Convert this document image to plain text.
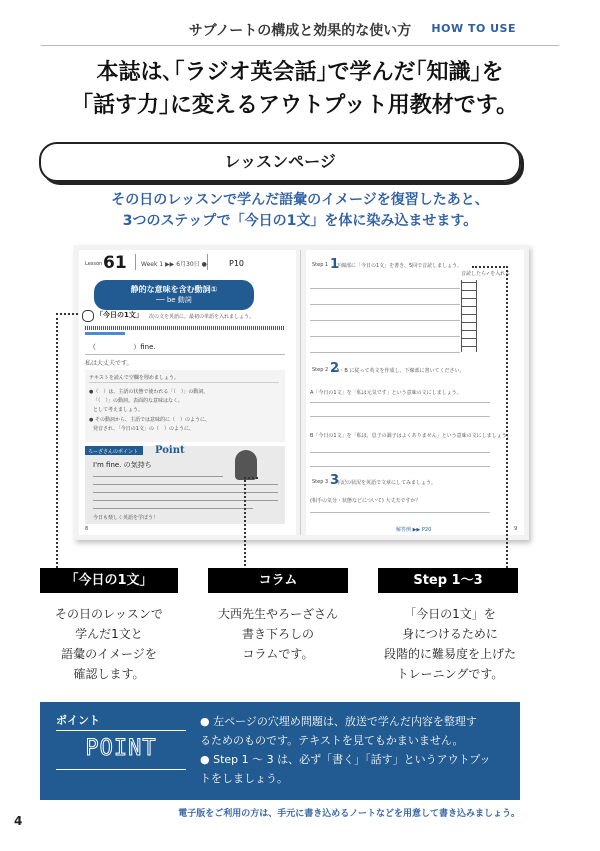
サブノートの構成と効果的な使い方	HOW TO USE
本誌は､｢ラジオ英会話｣で学んだ｢知識｣を
｢話す力｣に変えるアウトプット用教材です。
レッスンページ
その日のレッスンで学んだ語彙のイメージを復習したあと、
3つのステップで「今日の1文」を体に染み込ませます。
Lesson 61 Week 1 ▶▶ 6月30日 ●	P10
静的な意味を含む動詞①
── be 動詞
「今日の1文」 次の文を英語に。最初の単語を入れましょう。
（ 　　　　　）fine.
私は大丈夫です。
テキストを読んで空欄を埋めましょう。
●（　）は、主語の状態で使われる「（　）」の動詞。
「（　）」の動詞。表面的な意味はなく、
として考えましょう。
● その動詞から、主語では意味的に（　）のように、
発音され、「今日の1文」の（　）のように、
ろーざさんのポイント Point
I'm fine. の気持ち
今日も楽しく英語を学ぼう！
8
Step 1 下線部に「今日の1文」を書き、5回で音読しましょう。
音読したら✓を入れる
Step 2 A・B に従って英文を作成し、下線部に書いてください。
A「今日の1文」を「私は元気です」という意味の文にしましょう。
B「今日の1文」を「私は、息子の調子はよくありません」という意味の文にしましょう。
Step 3 下記の状況を英語で文章にしてみましょう。
(相手の気分・状態などについて) 大丈夫ですか？
解答例 ▶▶ P20	9
1
2
3
「今日の1文」	コラム	Step 1〜3
その日のレッスンで
学んだ1文と
語彙のイメージを
確認します。
大西先生やろーざさん
書き下ろしの
コラムです。
「今日の1文」を
身につけるために
段階的に難易度を上げた
トレーニングです。
ポイント
POINT
● 左ページの穴埋め問題は、放送で学んだ内容を整理す
るためのものです。テキストを見てもかまいません。
● Step 1 〜 3 は、必ず「書く」「話す」というアウトプッ
トをしましょう。
電子版をご利用の方は、手元に書き込めるノートなどを用意して書き込みましょう。
4
